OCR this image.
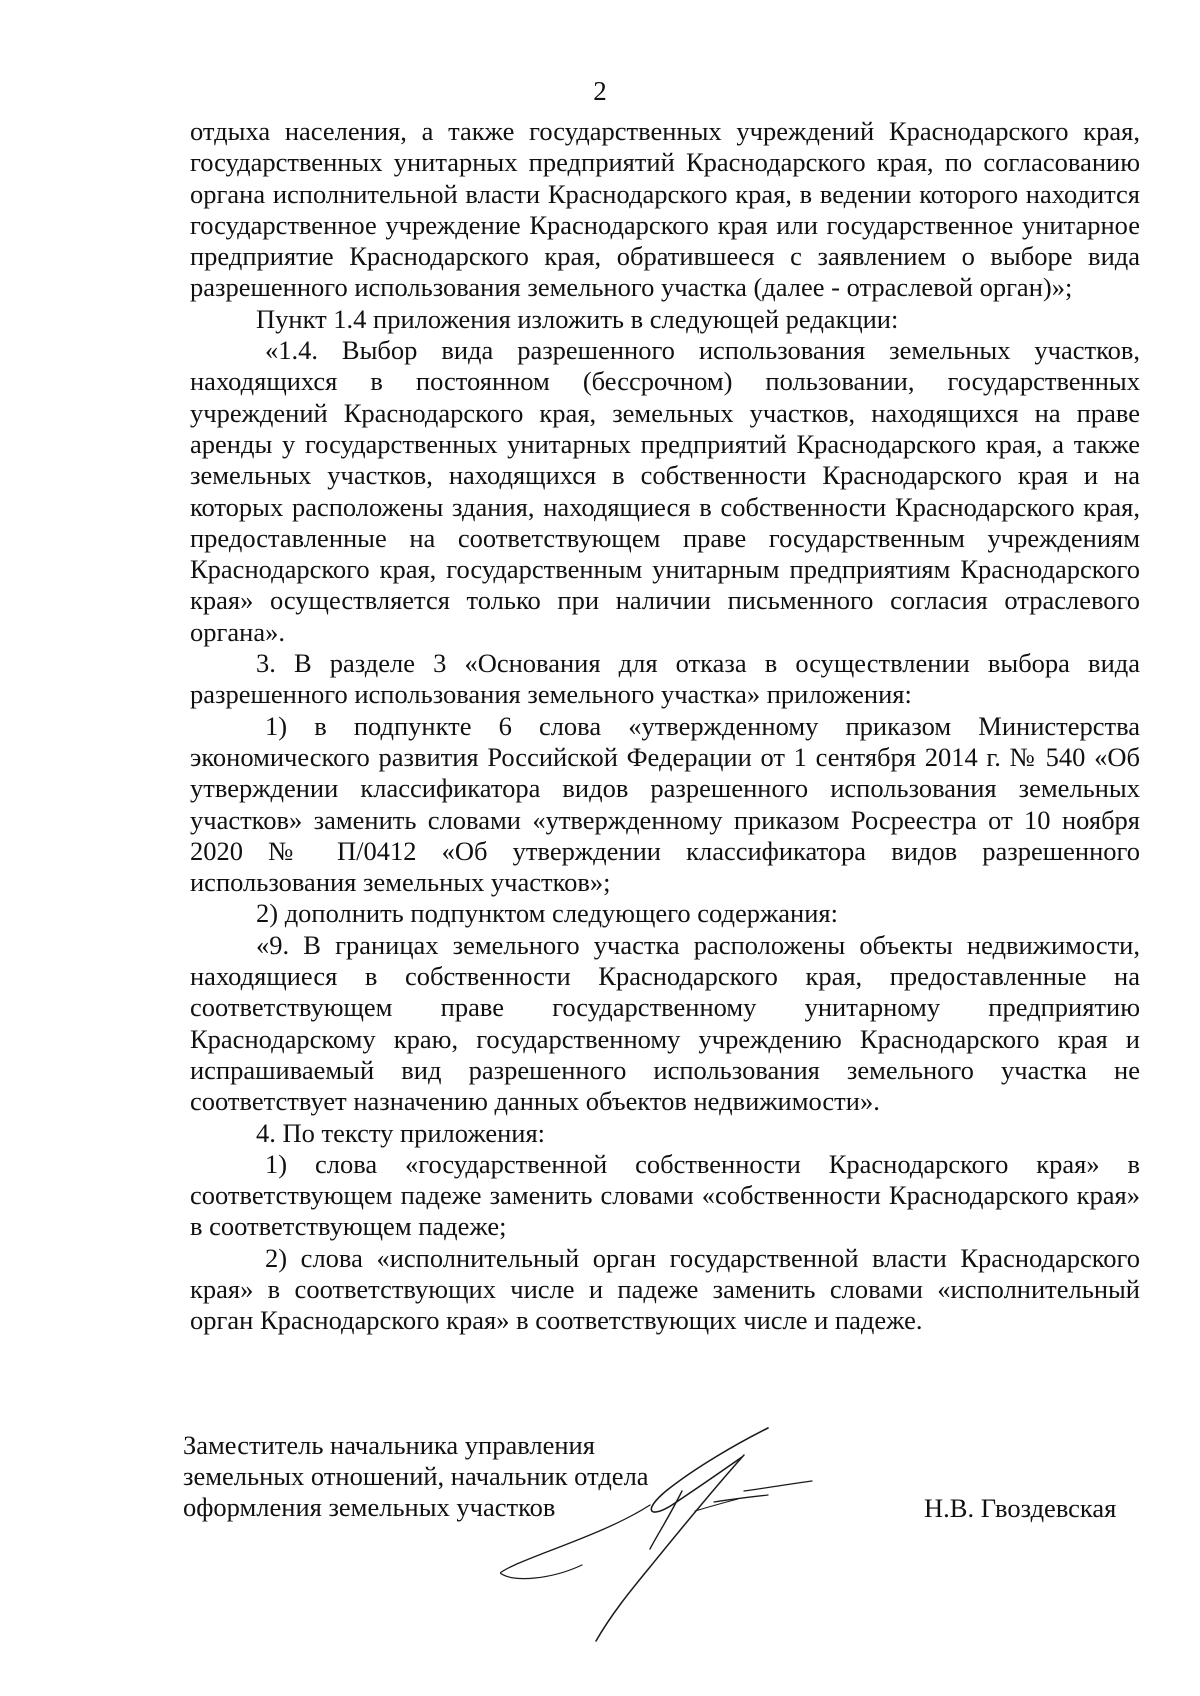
2

отдыха населения, а также государственных учреждений Краснодарского края, государственных унитарных предприятий Краснодарского края, по согласованию органа исполнительной власти Краснодарского края, в ведении которого находится государственное учреждение Краснодарского края или государственное унитарное предприятие Краснодарского края, обратившееся с заявлением о выборе вида разрешенного использования земельного участка (далее - отраслевой орган)»;

Пункт 1.4 приложения изложить в следующей редакции:

«1.4. Выбор вида разрешенного использования земельных участков, находящихся в постоянном (бессрочном) пользовании, государственных учреждений Краснодарского края, земельных участков, находящихся на праве аренды у государственных унитарных предприятий Краснодарского края, а также земельных участков, находящихся в собственности Краснодарского края и на которых расположены здания, находящиеся в собственности Краснодарского края, предоставленные на соответствующем праве государственным учреждениям Краснодарского края, государственным унитарным предприятиям Краснодарского края» осуществляется только при наличии письменного согласия отраслевого органа».

3. В разделе 3 «Основания для отказа в осуществлении выбора вида разрешенного использования земельного участка» приложения:

1) в подпункте 6 слова «утвержденному приказом Министерства экономического развития Российской Федерации от 1 сентября 2014 г. № 540 «Об утверждении классификатора видов разрешенного использования земельных участков» заменить словами «утвержденному приказом Росреестра от 10 ноября 2020 № П/0412 «Об утверждении классификатора видов разрешенного использования земельных участков»;

2) дополнить подпунктом следующего содержания:

«9. В границах земельного участка расположены объекты недвижимости, находящиеся в собственности Краснодарского края, предоставленные на соответствующем праве государственному унитарному предприятию Краснодарскому краю, государственному учреждению Краснодарского края и испрашиваемый вид разрешенного использования земельного участка не соответствует назначению данных объектов недвижимости».

4. По тексту приложения:

1) слова «государственной собственности Краснодарского края» в соответствующем падеже заменить словами «собственности Краснодарского края» в соответствующем падеже;

2) слова «исполнительный орган государственной власти Краснодарского края» в соответствующих числе и падеже заменить словами «исполнительный орган Краснодарского края» в соответствующих числе и падеже.

Заместитель начальника управления
земельных отношений, начальник отдела
оформления земельных участков	Н.В. Гвоздевская
